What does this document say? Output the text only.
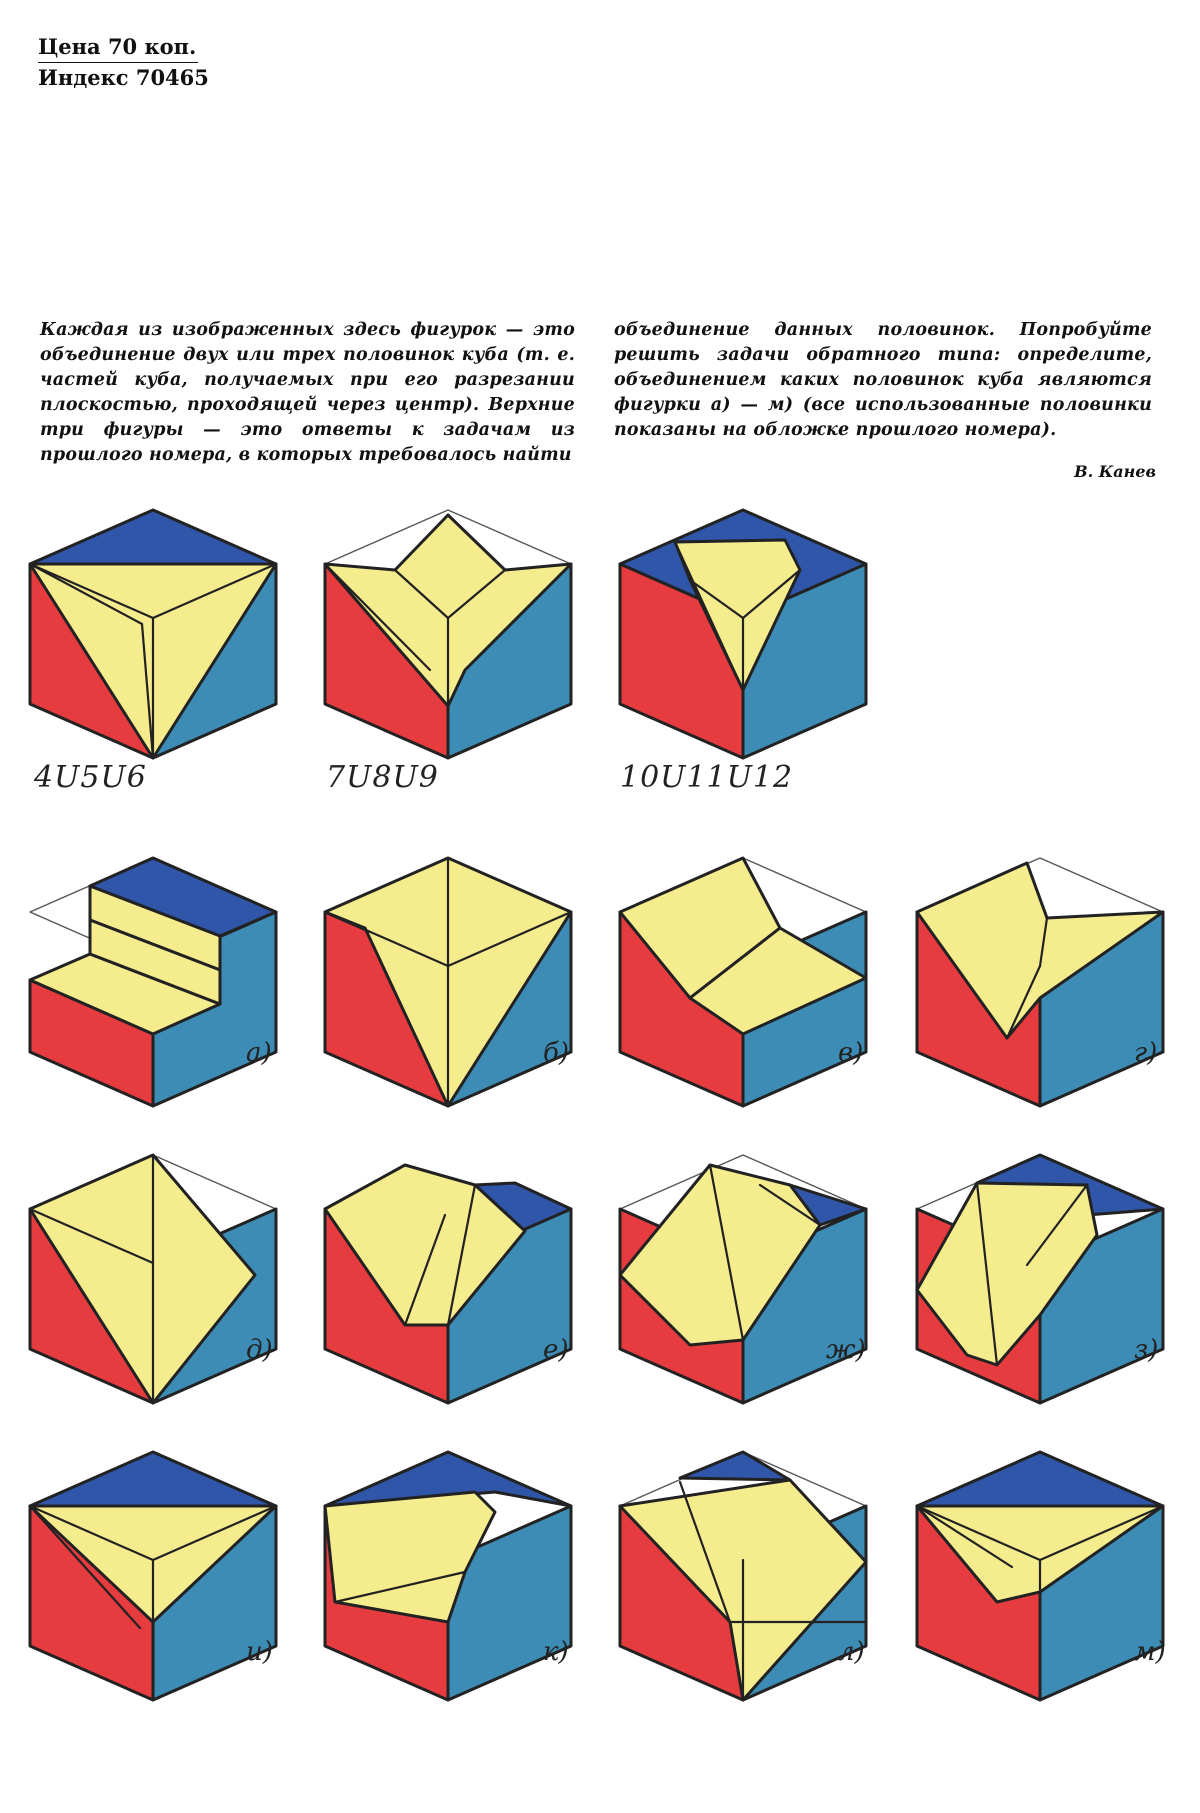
Цена 70 коп.
Индекс 70465
Каждая из изображенных здесь фигурок — это объединение двух или трех половинок куба (т. е. частей куба, получаемых при его разрезании плоскостью, проходящей через центр). Верхние три фигуры — это ответы к задачам из прошлого номера, в которых требовалось найти
объединение данных половинок. Попробуйте решить задачи обратного типа: определите, объединением каких половинок куба являются фигурки а) — м) (все использованные половинки показаны на обложке прошлого номера).
В. Канев
4U5U6	7U8U9	10U11U12
а)	б)	в)	г)
д)	е)	ж)	з)
и)	к)	л)	м)
